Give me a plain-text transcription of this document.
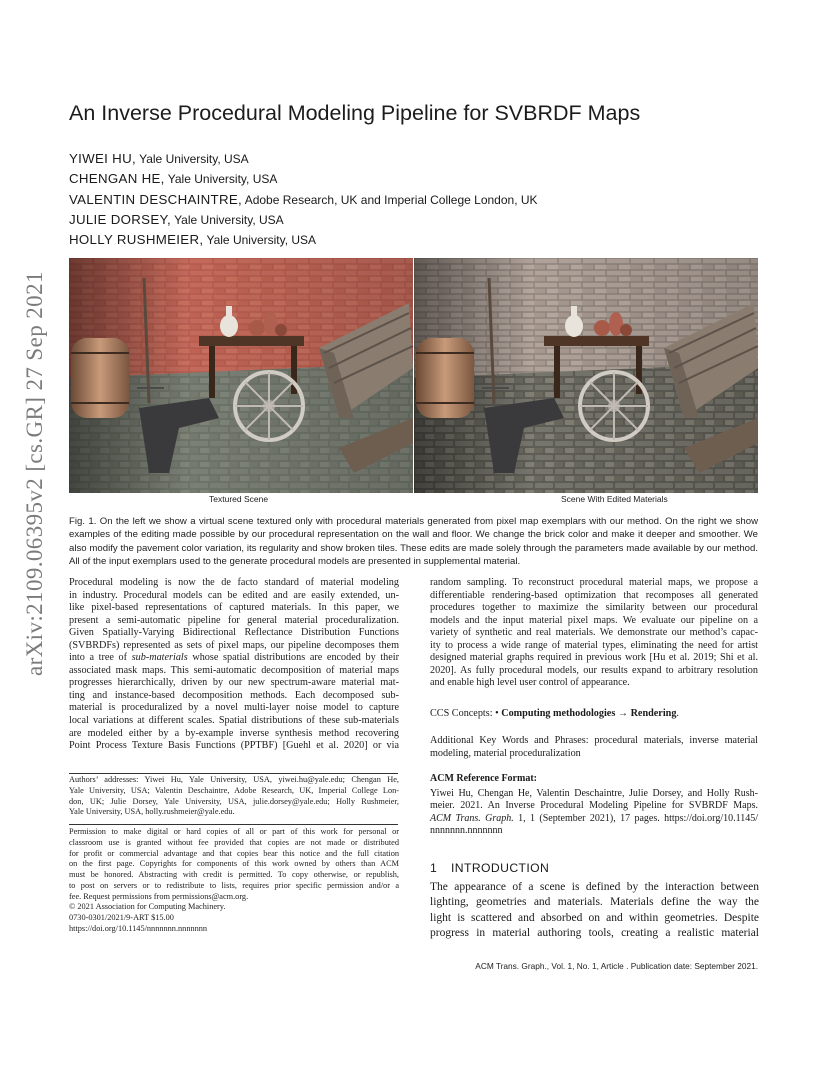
arXiv:2109.06395v2 [cs.GR] 27 Sep 2021
An Inverse Procedural Modeling Pipeline for SVBRDF Maps
YIWEI HU, Yale University, USA
CHENGAN HE, Yale University, USA
VALENTIN DESCHAINTRE, Adobe Research, UK and Imperial College London, UK
JULIE DORSEY, Yale University, USA
HOLLY RUSHMEIER, Yale University, USA
Textured Scene	Scene With Edited Materials
Fig. 1. On the left we show a virtual scene textured only with procedural materials generated from pixel map exemplars with our method. On the right we show examples of the editing made possible by our procedural representation on the wall and floor. We change the brick color and make it deeper and smoother. We also modify the pavement color variation, its regularity and show broken tiles. These edits are made solely through the parameters made available by our method. All of the input exemplars used to the generate procedural models are presented in supplemental material.
Procedural modeling is now the de facto standard of material modeling
in industry. Procedural models can be edited and are easily extended, un-
like pixel-based representations of captured materials. In this paper, we
present a semi-automatic pipeline for general material proceduralization.
Given Spatially-Varying Bidirectional Reflectance Distribution Functions
(SVBRDFs) represented as sets of pixel maps, our pipeline decomposes them
into a tree of sub-materials whose spatial distributions are encoded by their
associated mask maps. This semi-automatic decomposition of material maps
progresses hierarchically, driven by our new spectrum-aware material mat-
ting and instance-based decomposition methods. Each decomposed sub-
material is proceduralized by a novel multi-layer noise model to capture
local variations at different scales. Spatial distributions of these sub-materials
are modeled either by a by-example inverse synthesis method recovering
Point Process Texture Basis Functions (PPTBF) [Guehl et al. 2020] or via
Authors’ addresses: Yiwei Hu, Yale University, USA, yiwei.hu@yale.edu; Chengan He,
Yale University, USA; Valentin Deschaintre, Adobe Research, UK, Imperial College Lon-
don, UK; Julie Dorsey, Yale University, USA, julie.dorsey@yale.edu; Holly Rushmeier,
Yale University, USA, holly.rushmeier@yale.edu.
Permission to make digital or hard copies of all or part of this work for personal or
classroom use is granted without fee provided that copies are not made or distributed
for profit or commercial advantage and that copies bear this notice and the full citation
on the first page. Copyrights for components of this work owned by others than ACM
must be honored. Abstracting with credit is permitted. To copy otherwise, or republish,
to post on servers or to redistribute to lists, requires prior specific permission and/or a
fee. Request permissions from permissions@acm.org.
© 2021 Association for Computing Machinery.
0730-0301/2021/9-ART $15.00
https://doi.org/10.1145/nnnnnnn.nnnnnnn
random sampling. To reconstruct procedural material maps, we propose a
differentiable rendering-based optimization that recomposes all generated
procedures together to maximize the similarity between our procedural
models and the input material pixel maps. We evaluate our pipeline on a
variety of synthetic and real materials. We demonstrate our method’s capac-
ity to process a wide range of material types, eliminating the need for artist
designed material graphs required in previous work [Hu et al. 2019; Shi et al.
2020]. As fully procedural models, our results expand to arbitrary resolution
and enable high level user control of appearance.
CCS Concepts: • Computing methodologies → Rendering.
Additional Key Words and Phrases: procedural materials, inverse material
modeling, material proceduralization
ACM Reference Format:
Yiwei Hu, Chengan He, Valentin Deschaintre, Julie Dorsey, and Holly Rush-
meier. 2021. An Inverse Procedural Modeling Pipeline for SVBRDF Maps.
ACM Trans. Graph. 1, 1 (September 2021), 17 pages. https://doi.org/10.1145/
nnnnnnn.nnnnnnn
1 INTRODUCTION
The appearance of a scene is defined by the interaction between
lighting, geometries and materials. Materials define the way the
light is scattered and absorbed on and within geometries. Despite
progress in material authoring tools, creating a realistic material
ACM Trans. Graph., Vol. 1, No. 1, Article . Publication date: September 2021.
